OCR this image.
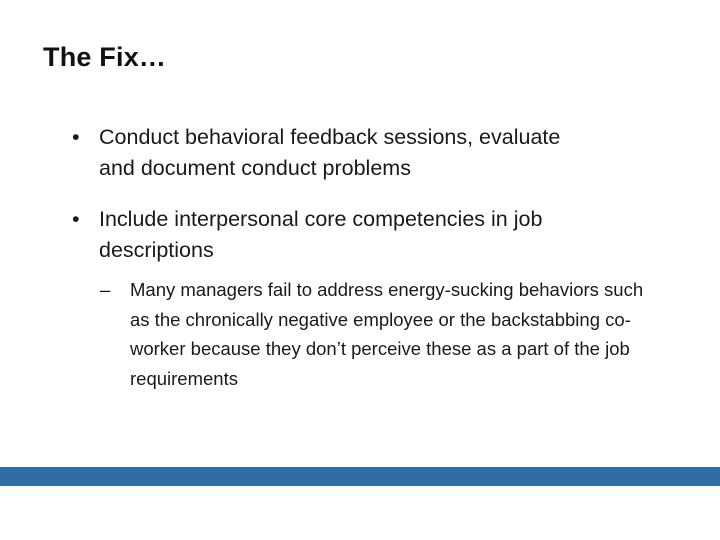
The Fix…
• Conduct behavioral feedback sessions, evaluate and document conduct problems
• Include interpersonal core competencies in job descriptions
– Many managers fail to address energy-sucking behaviors such as the chronically negative employee or the backstabbing co-worker because they don’t perceive these as a part of the job requirements
